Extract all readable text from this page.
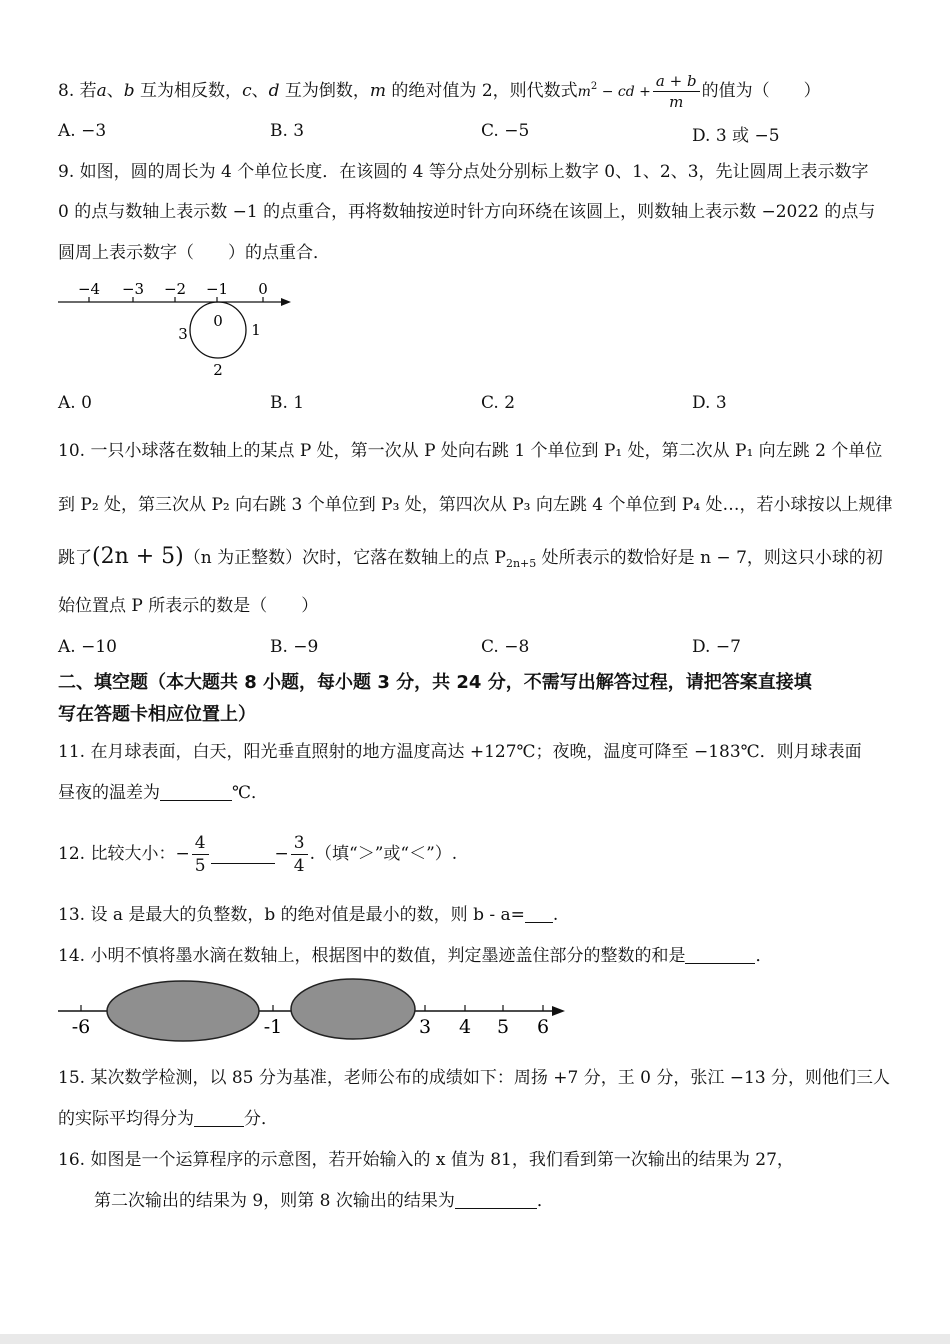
8. 若a、b 互为相反数，c、d 互为倒数，m 的绝对值为 2，则代数式$m^2$ − cd + $\frac{a + b}{m}$ 的值为（　　）
A. −3	B. 3	C. −5	D. 3 或 −5
9. 如图，圆的周长为 4 个单位长度．在该圆的 4 等分点处分别标上数字 0、1、2、3，先让圆周上表示数字
0 的点与数轴上表示数 −1 的点重合，再将数轴按逆时针方向环绕在该圆上，则数轴上表示数 −2022 的点与
圆周上表示数字（　　）的点重合．
−4 −3 −2 −1 0
0 1
2
3
A. 0	B. 1	C. 2	D. 3
10. 一只小球落在数轴上的某点 P 处，第一次从 P 处向右跳 1 个单位到 P₁ 处，第二次从 P₁ 向左跳 2 个单位
到 P₂ 处，第三次从 P₂ 向右跳 3 个单位到 P₃ 处，第四次从 P₃ 向左跳 4 个单位到 P₄ 处…，若小球按以上规律
跳了(2n + 5)（n 为正整数）次时，它落在数轴上的点 $P_{2n+5}$ 处所表示的数恰好是 n − 7，则这只小球的初
始位置点 P 所表示的数是（　　）
A. −10	B. −9	C. −8	D. −7
二、填空题（本大题共 8 小题，每小题 3 分，共 24 分，不需写出解答过程，请把答案直接填
写在答题卡相应位置上）
11. 在月球表面，白天，阳光垂直照射的地方温度高达 +127℃；夜晚，温度可降至 −183℃．则月球表面
昼夜的温差为	℃．
12. 比较大小：− $\frac{4}{5}$	− $\frac{3}{4}$ .（填“＞”或“＜”）.
13. 设 a 是最大的负整数，b 的绝对值是最小的数，则 b - a= .
14. 小明不慎将墨水滴在数轴上，根据图中的数值，判定墨迹盖住部分的整数的和是	．
-6	-1	3 4 5 6
15. 某次数学检测，以 85 分为基准，老师公布的成绩如下：周扬 +7 分，王 0 分，张江 −13 分，则他们三人
的实际平均得分为	分．
16. 如图是一个运算程序的示意图，若开始输入的 x 值为 81，我们看到第一次输出的结果为 27，
第二次输出的结果为 9，则第 8 次输出的结果为	．
